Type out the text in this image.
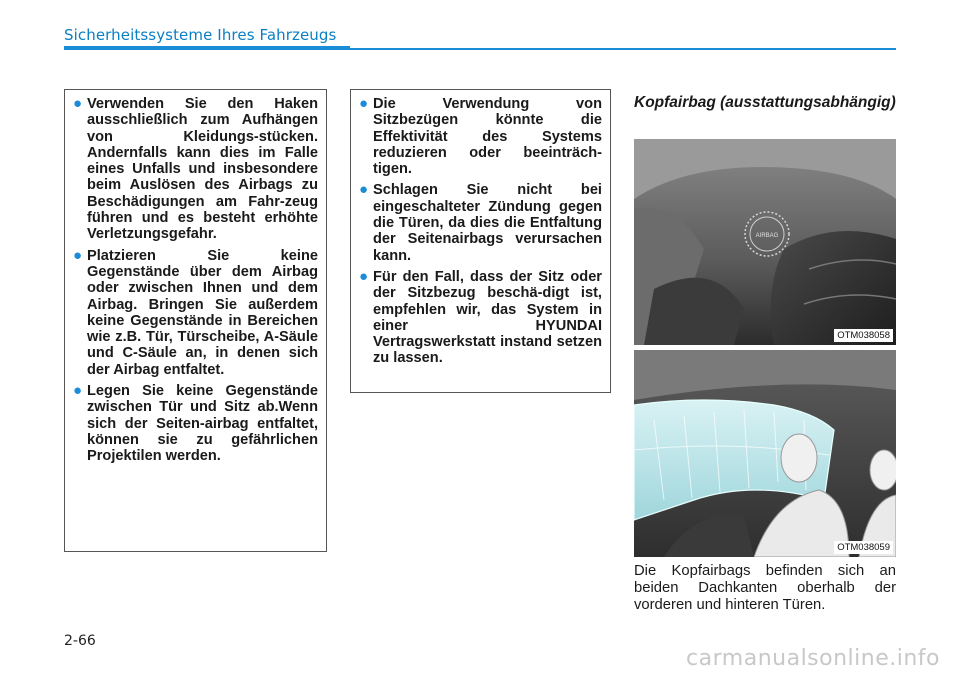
Sicherheitssysteme Ihres Fahrzeugs
● Verwenden Sie den Haken ausschließlich zum Aufhängen von Kleidungs-stücken. Andernfalls kann dies im Falle eines Unfalls und insbesondere beim Auslösen des Airbags zu Beschädigungen am Fahr-zeug führen und es besteht erhöhte Verletzungsgefahr.
● Platzieren Sie keine Gegenstände über dem Airbag oder zwischen Ihnen und dem Airbag. Bringen Sie außerdem keine Gegenstände in Bereichen wie z.B. Tür, Türscheibe, A-Säule und C-Säule an, in denen sich der Airbag entfaltet.
● Legen Sie keine Gegenstände zwischen Tür und Sitz ab.Wenn sich der Seiten-airbag entfaltet, können sie zu gefährlichen Projektilen werden.
● Die Verwendung von Sitzbezügen könnte die Effektivität des Systems reduzieren oder beeinträch-tigen.
● Schlagen Sie nicht bei eingeschalteter Zündung gegen die Türen, da dies die Entfaltung der Seitenairbags verursachen kann.
● Für den Fall, dass der Sitz oder der Sitzbezug beschä-digt ist, empfehlen wir, das System in einer HYUNDAI Vertragswerkstatt instand setzen zu lassen.
Kopfairbag (ausstattungsabhängig)
AIRBAG
OTM038058
OTM038059
Die Kopfairbags befinden sich an beiden Dachkanten oberhalb der vorderen und hinteren Türen.
2-66
carmanualsonline.info
